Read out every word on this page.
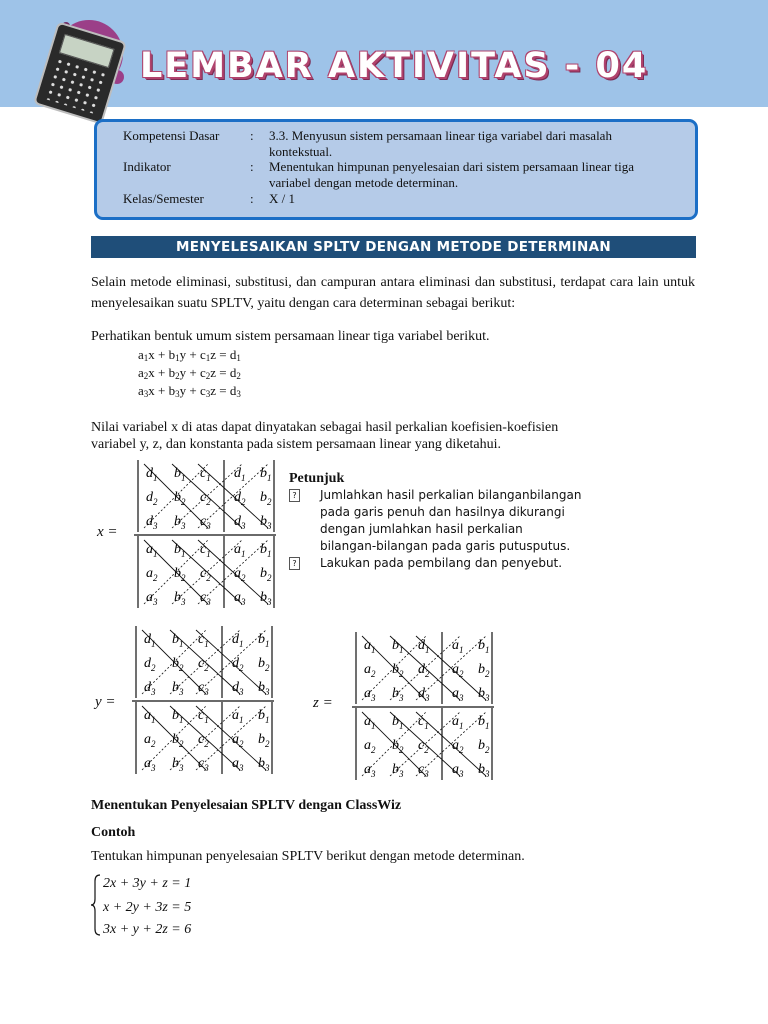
LEMBAR AKTIVITAS - 04
Kompetensi Dasar : 3.3. Menyusun sistem persamaan linear tiga variabel dari masalah kontekstual.
Indikator	: Menentukan himpunan penyelesaian dari sistem persamaan linear tiga variabel dengan metode determinan.
Kelas/Semester	: X / 1
MENYELESAIKAN SPLTV DENGAN METODE DETERMINAN
Selain metode eliminasi, substitusi, dan campuran antara eliminasi dan substitusi, terdapat cara lain untuk menyelesaikan suatu SPLTV, yaitu dengan cara determinan sebagai berikut:
Perhatikan bentuk umum sistem persamaan linear tiga variabel berikut.
$a_1x + b_1y + c_1z = d_1$
$a_2x + b_2y + c_2z = d_2$
$a_3x + b_3y + c_3z = d_3$
Nilai variabel x di atas dapat dinyatakan sebagai hasil perkalian koefisien-koefisien
variabel y, z, dan konstanta pada sistem persamaan linear yang diketahui.
x =
y =	z =
$d_1$ $b_1$ $c_1$ $d_1$ $b_1$
$d_2$ $b_2$ $c_2$ $d_2$ $b_2$
$d_3$ $b_3$ $c_3$ $d_3$ $b_3$
$a_1$ $b_1$ $c_1$ $a_1$ $b_1$
$a_2$ $b_2$ $c_2$ $a_2$ $b_2$
$a_3$ $b_3$ $c_3$ $a_3$ $b_3$
$d_1$ $b_1$ $c_1$ $d_1$ $b_1$
$d_2$ $b_2$ $c_2$ $d_2$ $b_2$
$d_3$ $b_3$ $c_3$ $d_3$ $b_3$
$a_1$ $b_1$ $c_1$ $a_1$ $b_1$
$a_2$ $b_2$ $c_2$ $a_2$ $b_2$
$a_3$ $b_3$ $c_3$ $a_3$ $b_3$
$a_1$ $b_1$ $d_1$ $a_1$ $b_1$
$a_2$ $b_2$ $d_2$ $a_2$ $b_2$
$a_3$ $b_3$ $d_3$ $a_3$ $b_3$
$a_1$ $b_1$ $c_1$ $a_1$ $b_1$
$a_2$ $b_2$ $c_2$ $a_2$ $b_2$
$a_3$ $b_3$ $c_3$ $a_3$ $b_3$
Petunjuk
? Jumlahkan hasil perkalian bilanganbilangan
pada garis penuh dan hasilnya dikurangi
dengan jumlahkan hasil perkalian
bilangan-bilangan pada garis putusputus.
? Lakukan pada pembilang dan penyebut.
Menentukan Penyelesaian SPLTV dengan ClassWiz
Contoh
Tentukan himpunan penyelesaian SPLTV berikut dengan metode determinan.
2x + 3y + z = 1
x + 2y + 3z = 5
3x + y + 2z = 6
